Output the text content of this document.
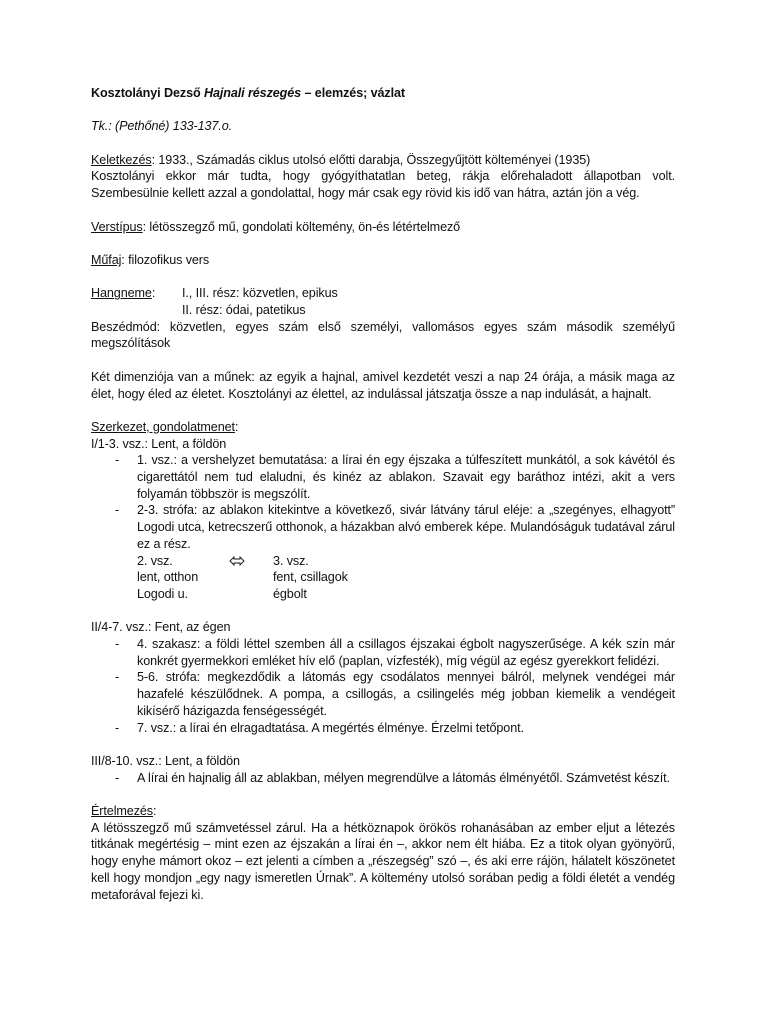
Kosztolányi Dezső Hajnali részegés – elemzés; vázlat

Tk.: (Pethőné) 133-137.o.

Keletkezés: 1933., Számadás ciklus utolsó előtti darabja, Összegyűjtött költeményei (1935)

Kosztolányi ekkor már tudta, hogy gyógyíthatatlan beteg, rákja előrehaladott állapotban volt. Szembesülnie kellett azzal a gondolattal, hogy már csak egy rövid kis idő van hátra, aztán jön a vég.

Verstípus: létösszegző mű, gondolati költemény, ön-és létértelmező

Műfaj: filozofikus vers

Hangneme:	I., III. rész: közvetlen, epikus
II. rész: ódai, patetikus

Beszédmód: közvetlen, egyes szám első személyi, vallomásos egyes szám második személyű megszólítások

Két dimenziója van a műnek: az egyik a hajnal, amivel kezdetét veszi a nap 24 órája, a másik maga az élet, hogy éled az életet. Kosztolányi az élettel, az indulással játszatja össze a nap indulását, a hajnalt.

Szerkezet, gondolatmenet:

I/1-3. vsz.: Lent, a földön

- 1. vsz.: a vershelyzet bemutatása: a lírai én egy éjszaka a túlfeszített munkától, a sok kávétól és cigarettától nem tud elaludni, és kinéz az ablakon. Szavait egy baráthoz intézi, akit a vers folyamán többször is megszólít.
- 2-3. strófa: az ablakon kitekintve a következő, sivár látvány tárul eléje: a „szegényes, elhagyott” Logodi utca, ketrecszerű otthonok, a házakban alvó emberek képe. Mulandóságuk tudatával zárul ez a rész.
2. vsz.	3. vsz.
lent, otthon	fent, csillagok
Logodi u.	égbolt

II/4-7. vsz.: Fent, az égen

- 4. szakasz: a földi léttel szemben áll a csillagos éjszakai égbolt nagyszerűsége. A kék szín már konkrét gyermekkori emléket hív elő (paplan, vízfesték), míg végül az egész gyerekkort felidézi.
- 5-6. strófa: megkezdődik a látomás egy csodálatos mennyei bálról, melynek vendégei már hazafelé készülődnek. A pompa, a csillogás, a csilingelés még jobban kiemelik a vendégeit kikísérő házigazda fenségességét.
- 7. vsz.: a lírai én elragadtatása. A megértés élménye. Érzelmi tetőpont.

III/8-10. vsz.: Lent, a földön

- A lírai én hajnalig áll az ablakban, mélyen megrendülve a látomás élményétől. Számvetést készít.

Értelmezés:

A létösszegző mű számvetéssel zárul. Ha a hétköznapok örökös rohanásában az ember eljut a létezés titkának megértésig – mint ezen az éjszakán a lírai én –, akkor nem élt hiába. Ez a titok olyan gyönyörű, hogy enyhe mámort okoz – ezt jelenti a címben a „részegség” szó –, és aki erre rájön, hálatelt köszönetet kell hogy mondjon „egy nagy ismeretlen Úrnak”. A költemény utolsó sorában pedig a földi életét a vendég metaforával fejezi ki.
